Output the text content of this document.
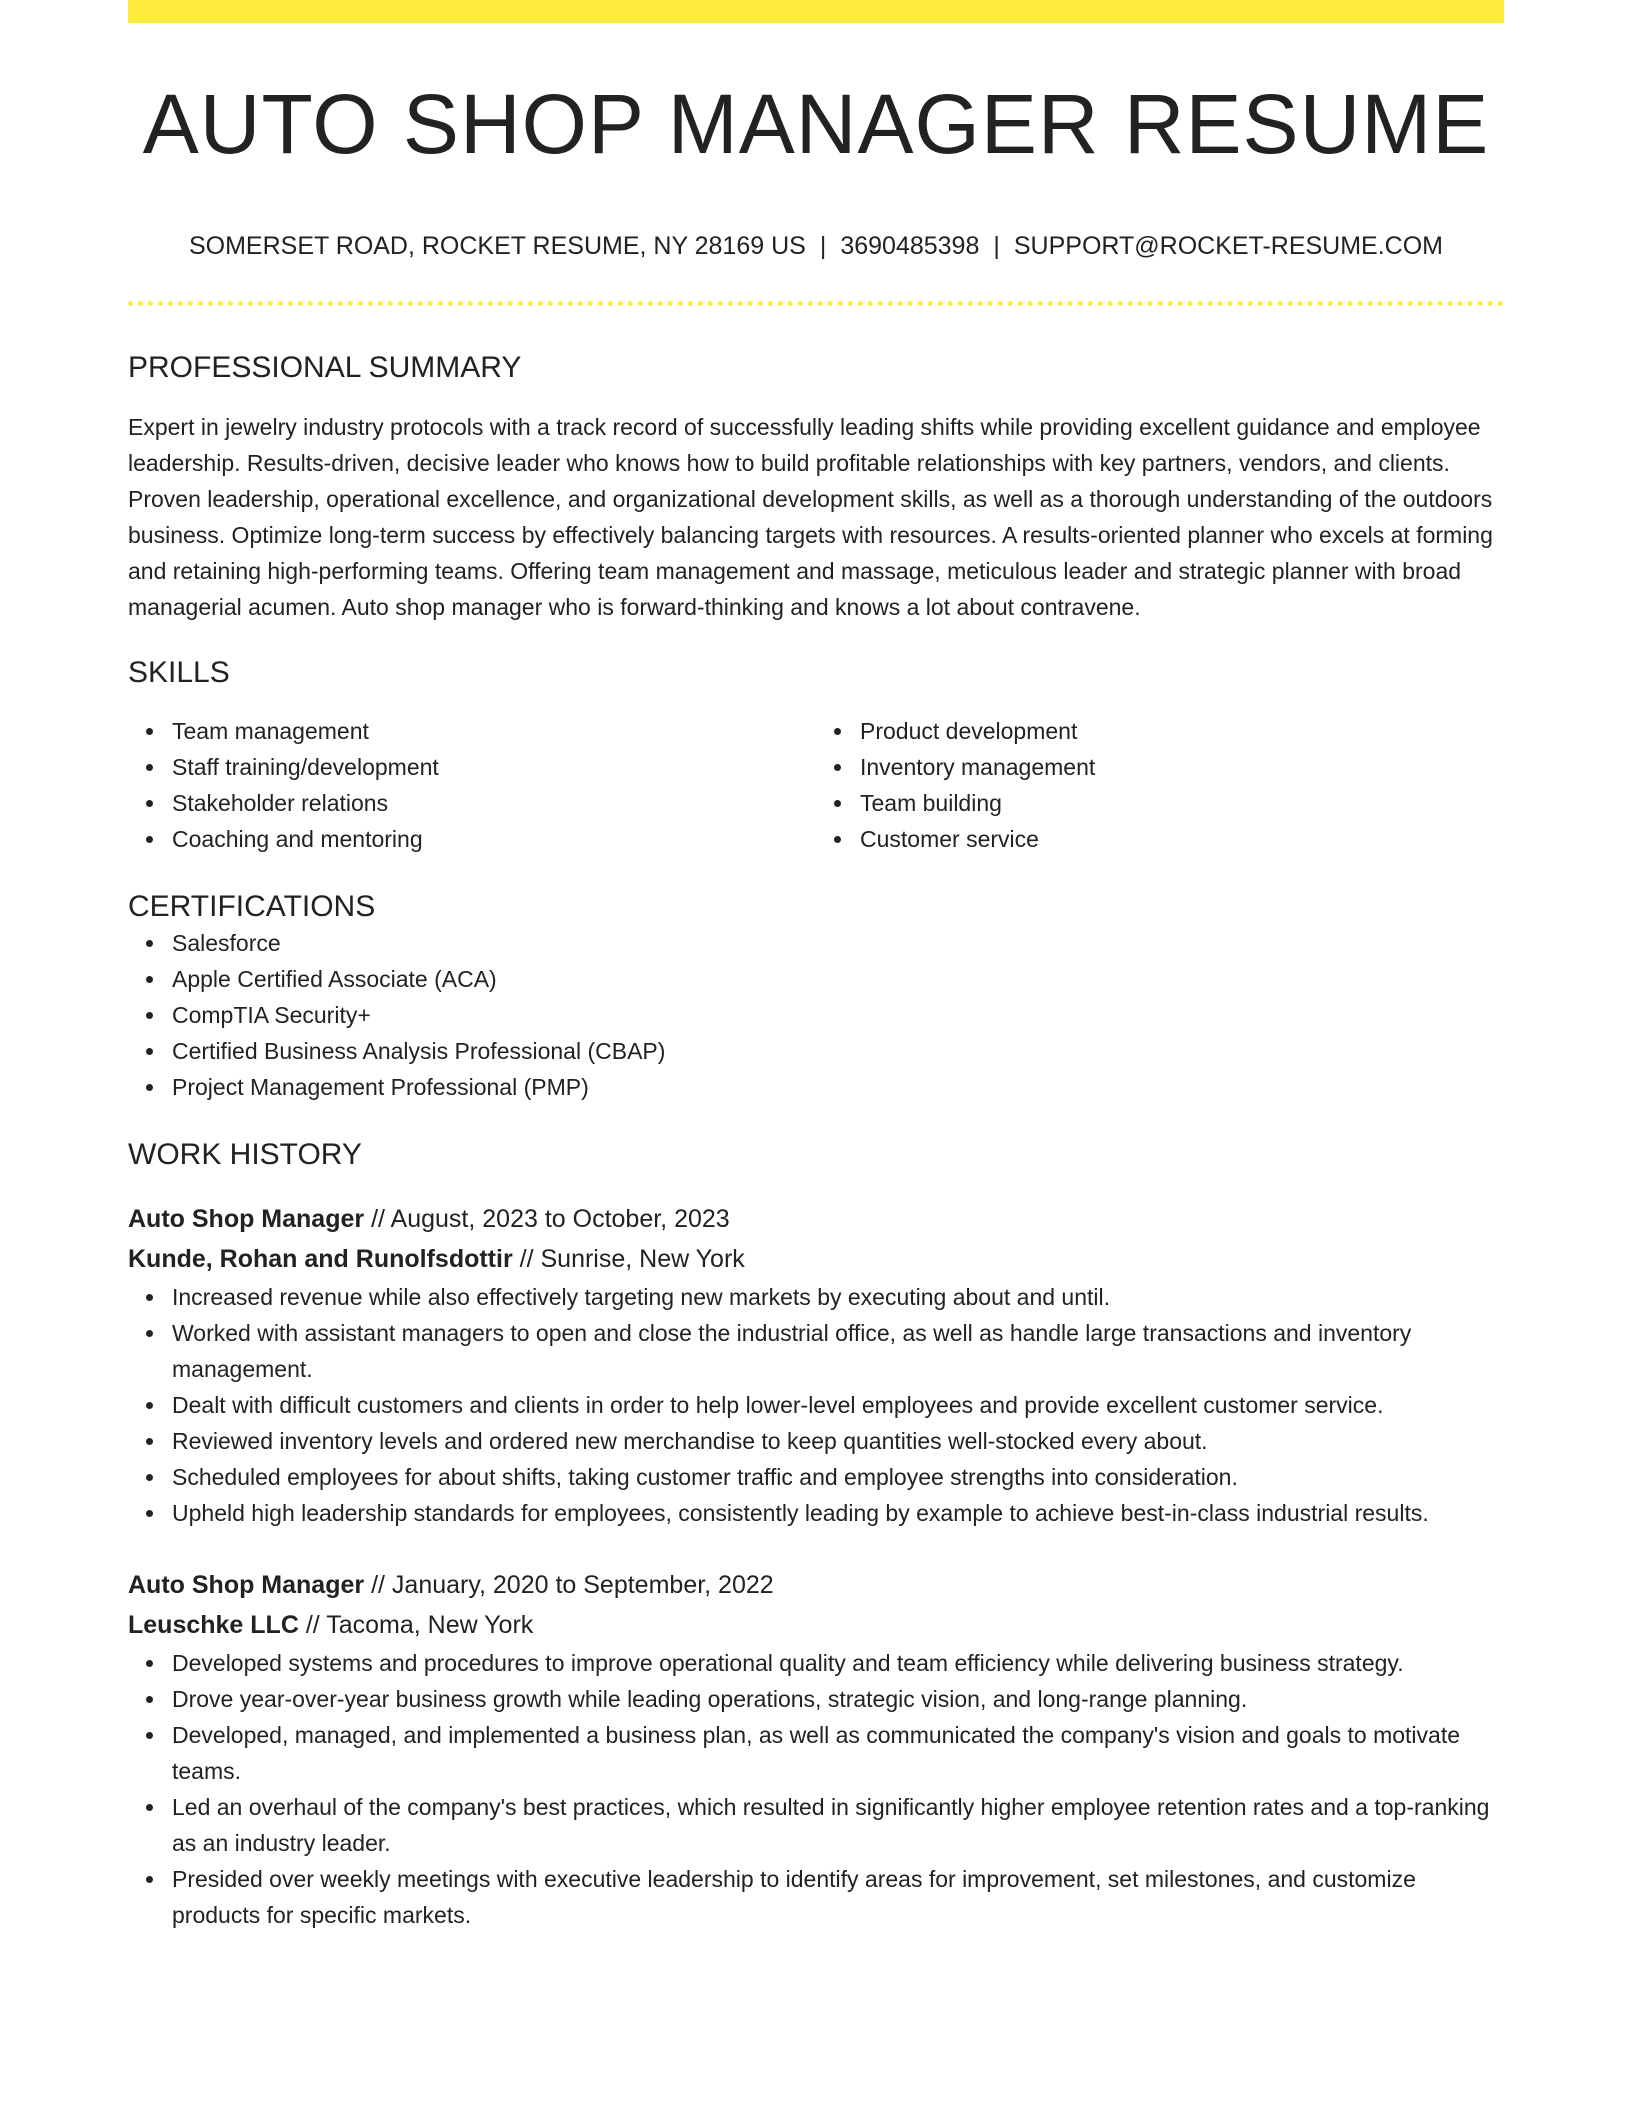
AUTO SHOP MANAGER RESUME
SOMERSET ROAD, ROCKET RESUME, NY 28169 US | 3690485398 | SUPPORT@ROCKET-RESUME.COM
PROFESSIONAL SUMMARY

Expert in jewelry industry protocols with a track record of successfully leading shifts while providing excellent guidance and employee leadership. Results-driven, decisive leader who knows how to build profitable relationships with key partners, vendors, and clients. Proven leadership, operational excellence, and organizational development skills, as well as a thorough understanding of the outdoors business. Optimize long-term success by effectively balancing targets with resources. A results-oriented planner who excels at forming and retaining high-performing teams. Offering team management and massage, meticulous leader and strategic planner with broad managerial acumen. Auto shop manager who is forward-thinking and knows a lot about contravene.

SKILLS
Team management
Staff training/development
Stakeholder relations
Coaching and mentoring
Product development
Inventory management
Team building
Customer service
CERTIFICATIONS
Salesforce
Apple Certified Associate (ACA)
CompTIA Security+
Certified Business Analysis Professional (CBAP)
Project Management Professional (PMP)
WORK HISTORY
Auto Shop Manager // August, 2023 to October, 2023
Kunde, Rohan and Runolfsdottir // Sunrise, New York
Increased revenue while also effectively targeting new markets by executing about and until.
Worked with assistant managers to open and close the industrial office, as well as handle large transactions and inventory management.
Dealt with difficult customers and clients in order to help lower-level employees and provide excellent customer service.
Reviewed inventory levels and ordered new merchandise to keep quantities well-stocked every about.
Scheduled employees for about shifts, taking customer traffic and employee strengths into consideration.
Upheld high leadership standards for employees, consistently leading by example to achieve best-in-class industrial results.
Auto Shop Manager // January, 2020 to September, 2022
Leuschke LLC // Tacoma, New York
Developed systems and procedures to improve operational quality and team efficiency while delivering business strategy.
Drove year-over-year business growth while leading operations, strategic vision, and long-range planning.
Developed, managed, and implemented a business plan, as well as communicated the company's vision and goals to motivate teams.
Led an overhaul of the company's best practices, which resulted in significantly higher employee retention rates and a top-ranking as an industry leader.
Presided over weekly meetings with executive leadership to identify areas for improvement, set milestones, and customize products for specific markets.
